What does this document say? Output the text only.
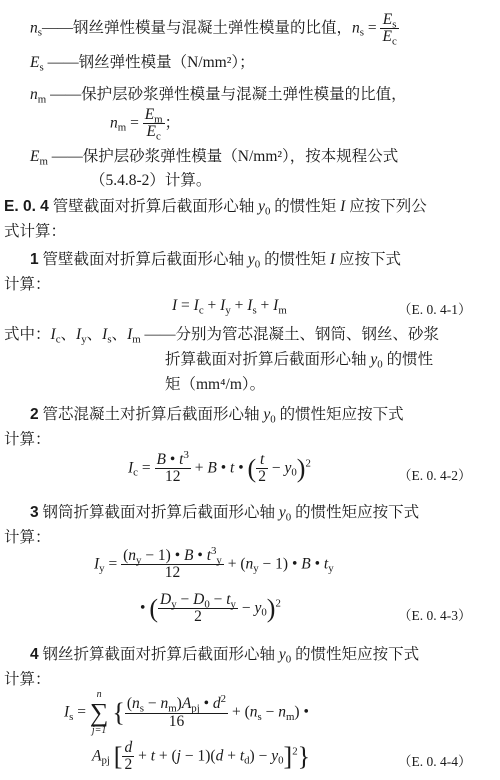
$n_s——$钢丝弹性模量与混凝土弹性模量的比值，$n_s = \frac{E_s}{E_c}$
$E_s$ ——钢丝弹性模量（N/mm²）；
$n_m$ ——保护层砂浆弹性模量与混凝土弹性模量的比值，
$n_m = \frac{E_m}{E_c}$ ；
$E_m$ ——保护层砂浆弹性模量（N/mm²），按本规程公式
（5.4.8-2）计算。
E. 0. 4 管壁截面对折算后截面形心轴 $y_0$ 的惯性矩 I 应按下列公
式计算：
1 管壁截面对折算后截面形心轴 $y_0$ 的惯性矩 I 应按下式
计算：
$I = I_c + I_y + I_s + I_m$	（E. 0. 4-1）
式中：$I_c$、$I_y$、$I_s$、$I_m$ ——分别为管芯混凝土、钢筒、钢丝、砂浆
折算截面对折算后截面形心轴 $y_0$ 的惯性
矩（mm⁴/m）。
2 管芯混凝土对折算后截面形心轴 $y_0$ 的惯性矩应按下式
计算：
$I_c = \frac{B • t^3}{12} + B$ • t • ( $\frac{t}{2} - y_0)^2$
（E. 0. 4-2）
3 钢筒折算截面对折算后截面形心轴 $y_0$ 的惯性矩应按下式
计算：
$I_y = \frac{(n_y - 1) • B • t^3_y}{12} + (n_y - 1)$ • B • $t_y$
• ( $\frac{D_y - D_0 - t_y}{2} - y_0)^2$
（E. 0. 4-3）
4 钢丝折算截面对折算后截面形心轴 $y_0$ 的惯性矩应按下式
计算：
$I_s$ =
n
∑
j=1
{ $\frac{(n_s - n_m)A_{pj} • d^2}{16} + (n_s - n_m)$ •
$A_{pj}$ [ $\frac{d}{2} + t + (j - 1)(d + t_d) - y_0]^2$}	（E. 0. 4-4）
